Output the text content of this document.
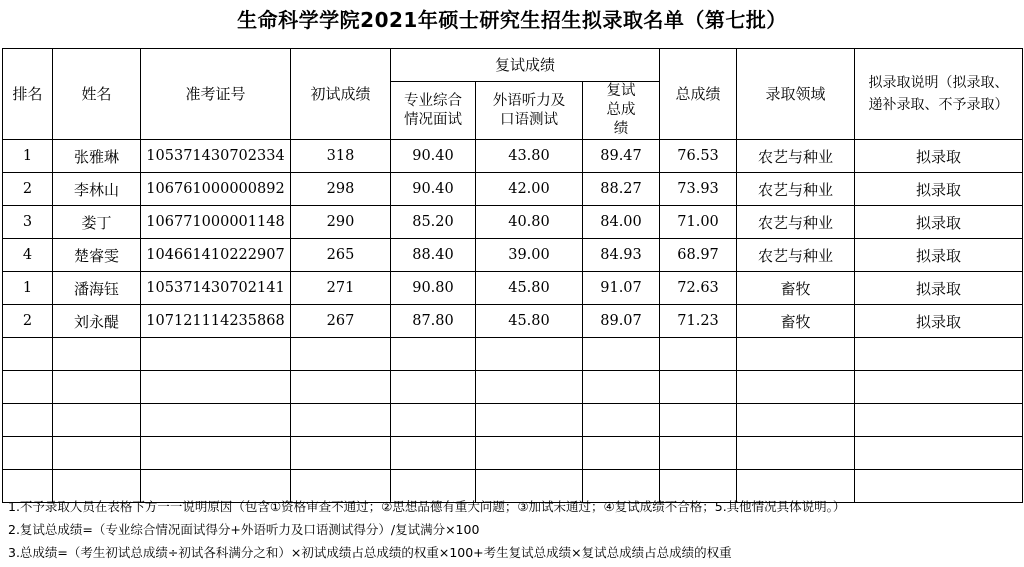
生命科学学院2021年硕士研究生招生拟录取名单（第七批）
排名	姓名	准考证号	初试成绩	复试成绩			总成绩	录取领域	拟录取说明（拟录取、
递补录取、不予录取）

				专业综合情况面试	外语听力及口语测试	复试总成绩			

1	张雅琳	105371430702334	318	90.40	43.80	89.47	76.53	农艺与种业	拟录取
2	李林山	106761000000892	298	90.40	42.00	88.27	73.93	农艺与种业	拟录取
3	娄丁	106771000001148	290	85.20	40.80	84.00	71.00	农艺与种业	拟录取
4	楚睿雯	104661410222907	265	88.40	39.00	84.93	68.97	农艺与种业	拟录取
1	潘海钰	105371430702141	271	90.80	45.80	91.07	72.63	畜牧	拟录取
2	刘永醍	107121114235868	267	87.80	45.80	89.07	71.23	畜牧	拟录取

1.不予录取人员在表格下方一一说明原因（包含①资格审查不通过；②思想品德有重大问题；③加试未通过；④复试成绩不合格；5.其他情况具体说明。）
2.复试总成绩=（专业综合情况面试得分+外语听力及口语测试得分）/复试满分×100
3.总成绩=（考生初试总成绩÷初试各科满分之和）×初试成绩占总成绩的权重×100+考生复试总成绩×复试总成绩占总成绩的权重
